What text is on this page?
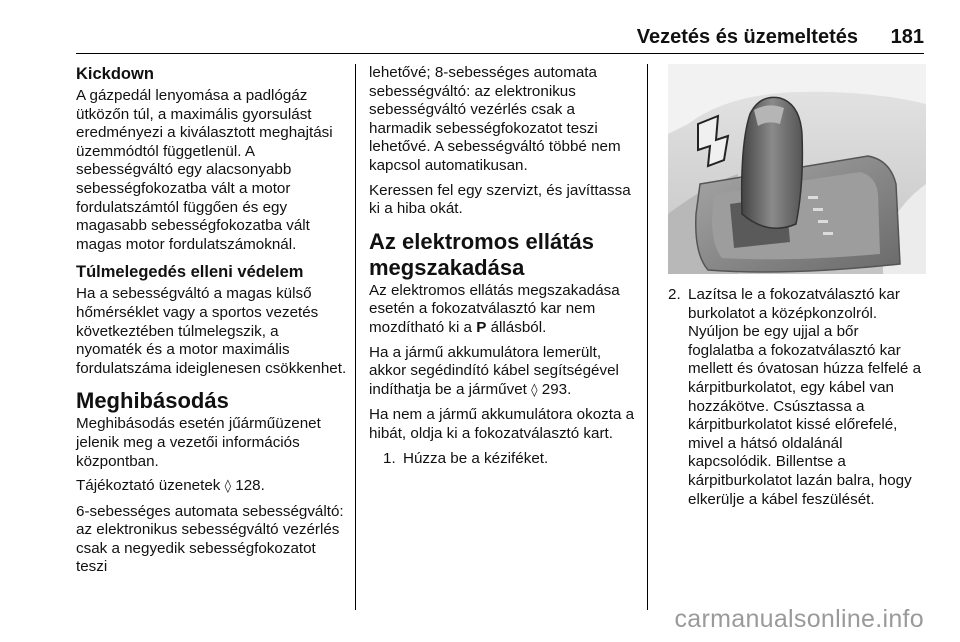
Vezetés és üzemeltetés 181
Kickdown

A gázpedál lenyomása a padlógáz ütközőn túl, a maximális gyorsulást eredményezi a kiválasztott meghajtási üzemmódtól függetlenül. A sebességváltó egy alacsonyabb sebességfokozatba vált a motor fordulatszámtól függően és egy magasabb sebességfokozatba vált magas motor fordulatszámoknál.

Túlmelegedés elleni védelem

Ha a sebességváltó a magas külső hőmérséklet vagy a sportos vezetés következtében túlmelegszik, a nyomaték és a motor maximális fordulatszáma ideiglenesen csökkenhet.

Meghibásodás

Meghibásodás esetén jűárműüzenet jelenik meg a vezetői információs központban.

Tájékoztató üzenetek ◊ 128.

6-sebességes automata sebességváltó: az elektronikus sebességváltó vezérlés csak a negyedik sebességfokozatot teszi

lehetővé; 8-sebességes automata sebességváltó: az elektronikus sebességváltó vezérlés csak a harmadik sebességfokozatot teszi lehetővé. A sebességváltó többé nem kapcsol automatikusan.

Keressen fel egy szervizt, és javíttassa ki a hiba okát.

Az elektromos ellátás megszakadása

Az elektromos ellátás megszakadása esetén a fokozatválasztó kar nem mozdítható ki a P állásból.

Ha a jármű akkumulátora lemerült, akkor segédindító kábel segítségével indíthatja be a járművet ◊ 293.

Ha nem a jármű akkumulátora okozta a hibát, oldja ki a fokozatválasztó kart.

1. Húzza be a kéziféket.
2. Lazítsa le a fokozatválasztó kar burkolatot a középkonzolról. Nyúljon be egy ujjal a bőr foglalatba a fokozatválasztó kar mellett és óvatosan húzza felfelé a kárpitburkolatot, egy kábel van hozzákötve. Csúsztassa a kárpitburkolatot kissé előrefelé, mivel a hátsó oldalánál kapcsolódik. Billentse a kárpitburkolatot lazán balra, hogy elkerülje a kábel feszülését.
carmanualsonline.info
